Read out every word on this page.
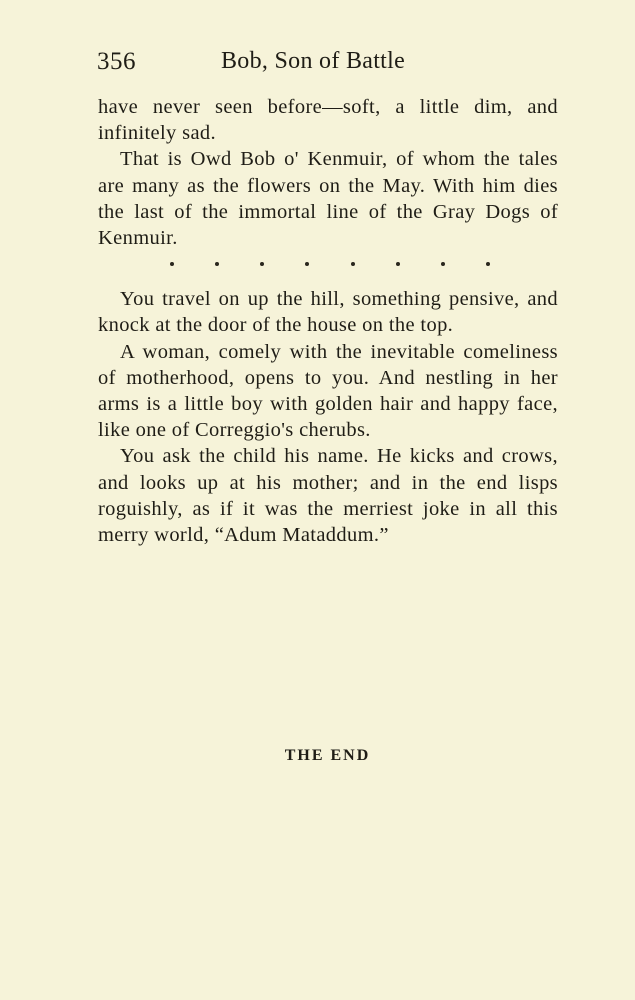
356	Bob, Son of Battle

have never seen before—soft, a little dim, and infinitely sad.

That is Owd Bob o' Kenmuir, of whom the tales are many as the flowers on the May. With him dies the last of the immortal line of the Gray Dogs of Kenmuir.

You travel on up the hill, something pensive, and knock at the door of the house on the top.

A woman, comely with the inevitable comeliness of motherhood, opens to you. And nestling in her arms is a little boy with golden hair and happy face, like one of Correggio's cherubs.

You ask the child his name. He kicks and crows, and looks up at his mother; and in the end lisps roguishly, as if it was the merriest joke in all this merry world, “Adum Mataddum.”

THE END
